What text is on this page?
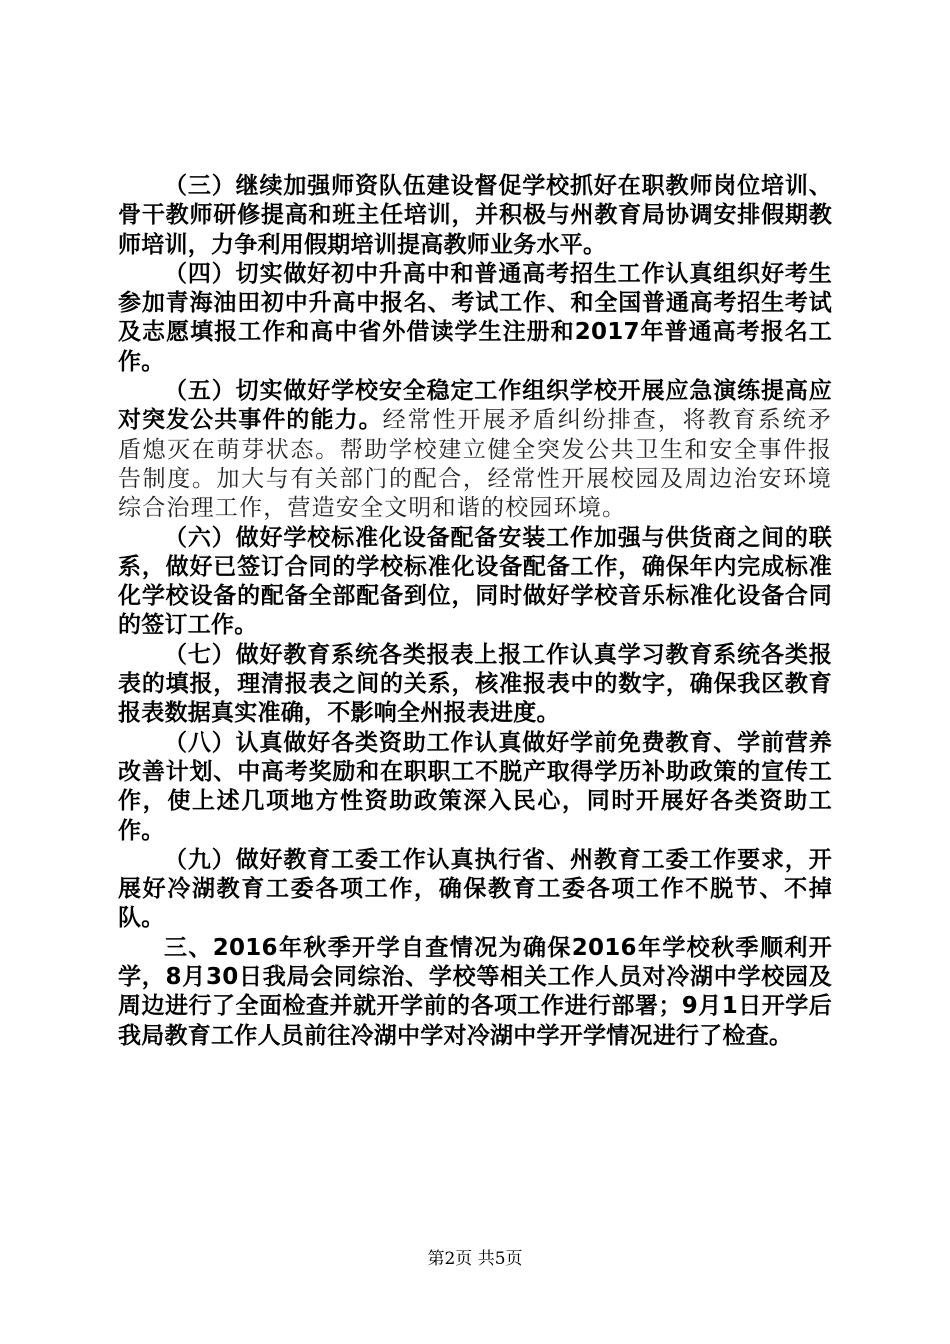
（三）继续加强师资队伍建设督促学校抓好在职教师岗位培训、骨干教师研修提高和班主任培训，并积极与州教育局协调安排假期教师培训，力争利用假期培训提高教师业务水平。

（四）切实做好初中升高中和普通高考招生工作认真组织好考生参加青海油田初中升高中报名、考试工作、和全国普通高考招生考试及志愿填报工作和高中省外借读学生注册和2017年普通高考报名工作。

（五）切实做好学校安全稳定工作组织学校开展应急演练提高应对突发公共事件的能力。经常性开展矛盾纠纷排查，将教育系统矛盾熄灭在萌芽状态。帮助学校建立健全突发公共卫生和安全事件报告制度。加大与有关部门的配合，经常性开展校园及周边治安环境综合治理工作，营造安全文明和谐的校园环境。

（六）做好学校标准化设备配备安装工作加强与供货商之间的联系，做好已签订合同的学校标准化设备配备工作，确保年内完成标准化学校设备的配备全部配备到位，同时做好学校音乐标准化设备合同的签订工作。

（七）做好教育系统各类报表上报工作认真学习教育系统各类报表的填报，理清报表之间的关系，核准报表中的数字，确保我区教育报表数据真实准确，不影响全州报表进度。

（八）认真做好各类资助工作认真做好学前免费教育、学前营养改善计划、中高考奖励和在职职工不脱产取得学历补助政策的宣传工作，使上述几项地方性资助政策深入民心，同时开展好各类资助工作。

（九）做好教育工委工作认真执行省、州教育工委工作要求，开展好冷湖教育工委各项工作，确保教育工委各项工作不脱节、不掉队。

三、2016年秋季开学自查情况为确保2016年学校秋季顺利开学，8月30日我局会同综治、学校等相关工作人员对冷湖中学校园及周边进行了全面检查并就开学前的各项工作进行部署；9月1日开学后我局教育工作人员前往冷湖中学对冷湖中学开学情况进行了检查。

第2页 共5页
